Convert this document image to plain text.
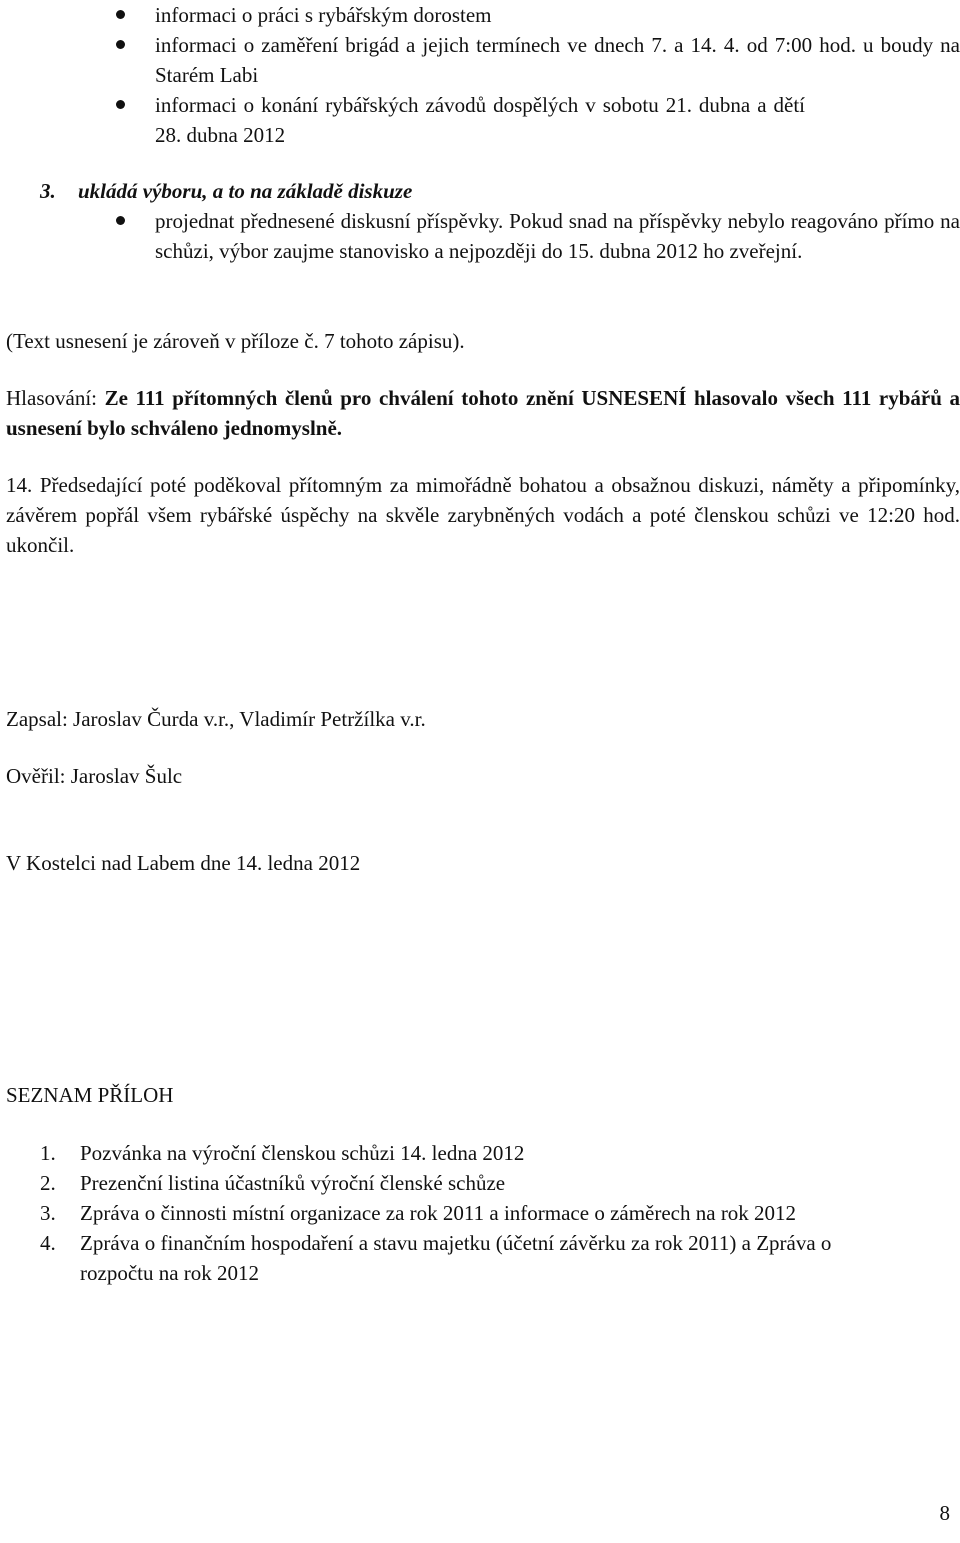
informaci o práci s rybářským dorostem
informaci o zaměření brigád a jejich termínech ve dnech 7. a 14. 4. od 7:00 hod. u boudy na Starém Labi
informaci o konání rybářských závodů dospělých v sobotu 21. dubna a dětí 28. dubna 2012
3. ukládá výboru, a to na základě diskuze
projednat přednesené diskusní příspěvky. Pokud snad na příspěvky nebylo reagováno přímo na schůzi, výbor zaujme stanovisko a nejpozději do 15. dubna 2012 ho zveřejní.
(Text usnesení je zároveň v příloze č. 7 tohoto zápisu).
Hlasování: Ze 111 přítomných členů pro chválení tohoto znění USNESENÍ hlasovalo všech 111 rybářů a usnesení bylo schváleno jednomyslně.
14. Předsedající poté poděkoval přítomným za mimořádně bohatou a obsažnou diskuzi, náměty a připomínky, závěrem popřál všem rybářské úspěchy na skvěle zarybněných vodách a poté členskou schůzi ve 12:20 hod. ukončil.
Zapsal: Jaroslav Čurda v.r., Vladimír Petržílka v.r.
Ověřil: Jaroslav Šulc
V Kostelci nad Labem dne 14. ledna 2012
SEZNAM PŘÍLOH
1. Pozvánka na výroční členskou schůzi 14. ledna 2012
2. Prezenční listina účastníků výroční členské schůze
3. Zpráva o činnosti místní organizace za rok 2011 a informace o záměrech na rok 2012
4. Zpráva o finančním hospodaření a stavu majetku (účetní závěrku za rok 2011) a Zpráva o rozpočtu na rok 2012
8
